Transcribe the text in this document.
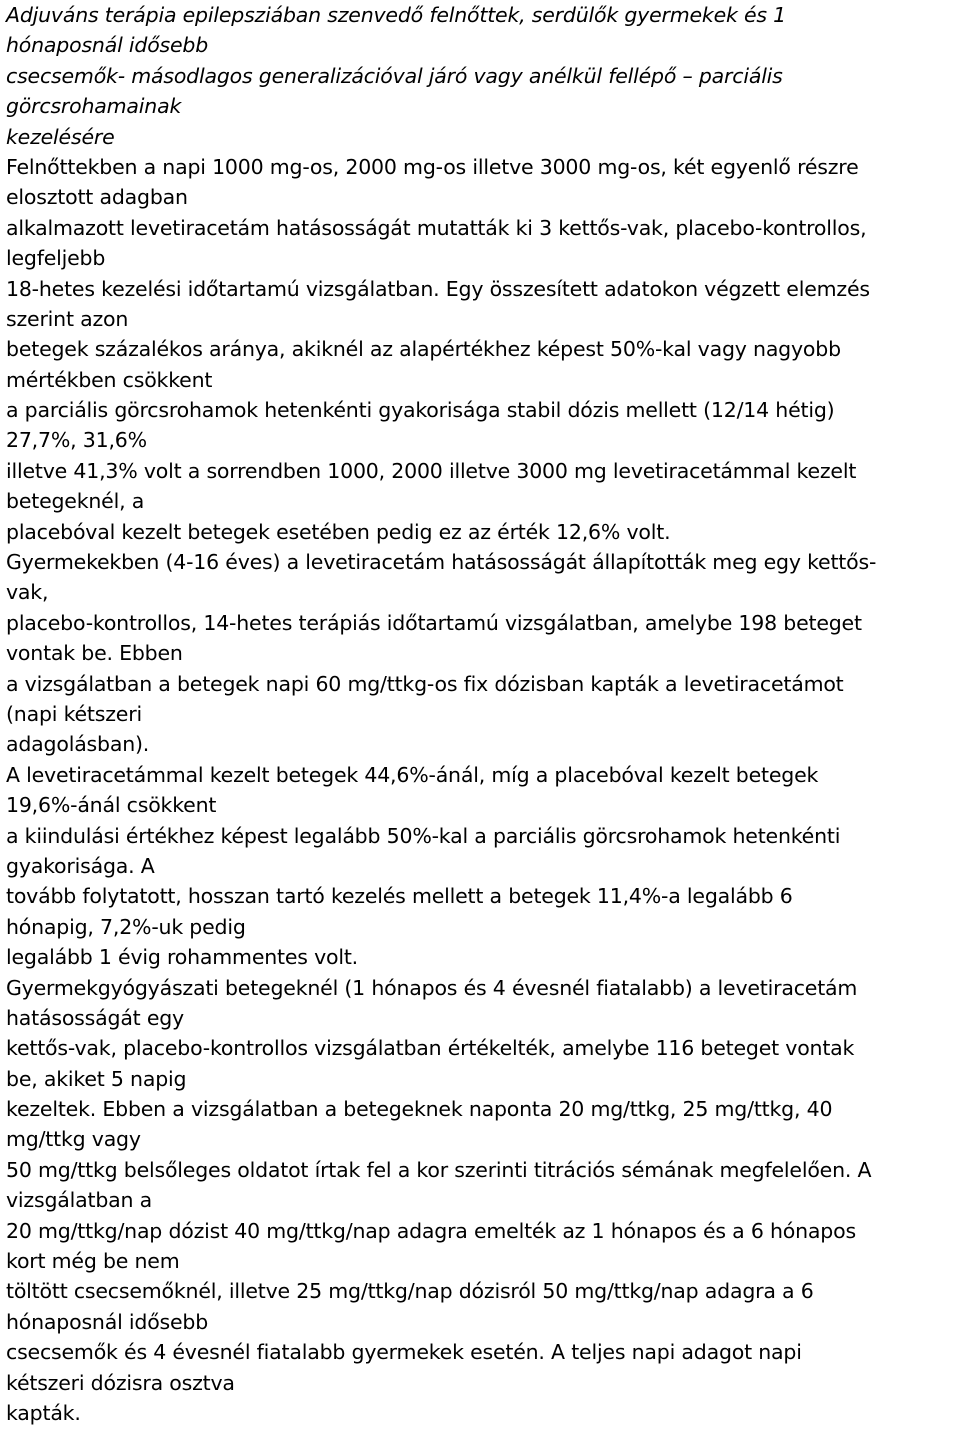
Adjuváns terápia epilepsziában szenvedő felnőttek, serdülők gyermekek és 1
hónaposnál idősebb
csecsemők- másodlagos generalizációval járó vagy anélkül fellépő – parciális
görcsrohamainak
kezelésére
Felnőttekben a napi 1000 mg-os, 2000 mg-os illetve 3000 mg-os, két egyenlő részre
elosztott adagban
alkalmazott levetiracetám hatásosságát mutatták ki 3 kettős-vak, placebo-kontrollos,
legfeljebb
18-hetes kezelési időtartamú vizsgálatban. Egy összesített adatokon végzett elemzés
szerint azon
betegek százalékos aránya, akiknél az alapértékhez képest 50%-kal vagy nagyobb
mértékben csökkent
a parciális görcsrohamok hetenkénti gyakorisága stabil dózis mellett (12/14 hétig)
27,7%, 31,6%
illetve 41,3% volt a sorrendben 1000, 2000 illetve 3000 mg levetiracetámmal kezelt
betegeknél, a
placebóval kezelt betegek esetében pedig ez az érték 12,6% volt.
Gyermekekben (4-16 éves) a levetiracetám hatásosságát állapították meg egy kettős-
vak,
placebo-kontrollos, 14-hetes terápiás időtartamú vizsgálatban, amelybe 198 beteget
vontak be. Ebben
a vizsgálatban a betegek napi 60 mg/ttkg-os fix dózisban kapták a levetiracetámot
(napi kétszeri
adagolásban).
A levetiracetámmal kezelt betegek 44,6%-ánál, míg a placebóval kezelt betegek
19,6%-ánál csökkent
a kiindulási értékhez képest legalább 50%-kal a parciális görcsrohamok hetenkénti
gyakorisága. A
tovább folytatott, hosszan tartó kezelés mellett a betegek 11,4%-a legalább 6
hónapig, 7,2%-uk pedig
legalább 1 évig rohammentes volt.
Gyermekgyógyászati betegeknél (1 hónapos és 4 évesnél fiatalabb) a levetiracetám
hatásosságát egy
kettős-vak, placebo-kontrollos vizsgálatban értékelték, amelybe 116 beteget vontak
be, akiket 5 napig
kezeltek. Ebben a vizsgálatban a betegeknek naponta 20 mg/ttkg, 25 mg/ttkg, 40
mg/ttkg vagy
50 mg/ttkg belsőleges oldatot írtak fel a kor szerinti titrációs sémának megfelelően. A
vizsgálatban a
20 mg/ttkg/nap dózist 40 mg/ttkg/nap adagra emelték az 1 hónapos és a 6 hónapos
kort még be nem
töltött csecsemőknél, illetve 25 mg/ttkg/nap dózisról 50 mg/ttkg/nap adagra a 6
hónaposnál idősebb
csecsemők és 4 évesnél fiatalabb gyermekek esetén. A teljes napi adagot napi
kétszeri dózisra osztva
kapták.
